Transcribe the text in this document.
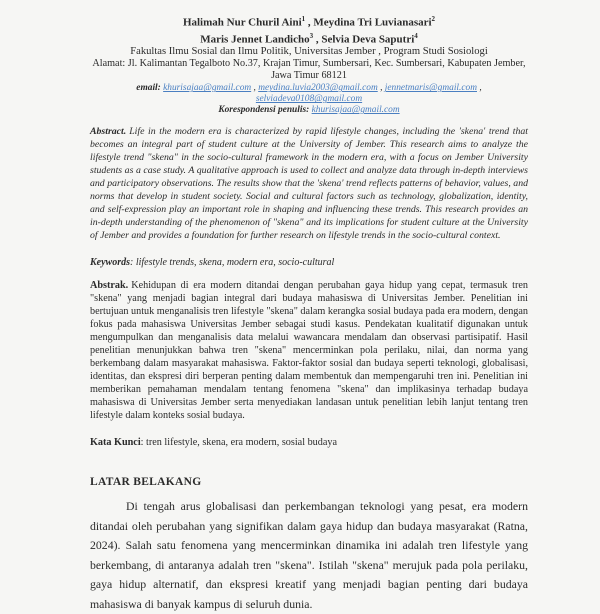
Halimah Nur Churil Aini$^1$ , Meydina Tri Luvianasari$^2$
Maris Jennet Landicho$^3$ , Selvia Deva Saputri$^4$
Fakultas Ilmu Sosial dan Ilmu Politik, Universitas Jember , Program Studi Sosiologi
Alamat: Jl. Kalimantan Tegalboto No.37, Krajan Timur, Sumbersari, Kec. Sumbersari, Kabupaten Jember, Jawa Timur 68121
email: khurisajaa@gmail.com , meydina.luvia2003@gmail.com , jennetmaris@gmail.com , selviadeva0108@gmail.com
Korespondensi penulis: khurisajaa@gmail.com

Abstract. Life in the modern era is characterized by rapid lifestyle changes, including the 'skena' trend that becomes an integral part of student culture at the University of Jember. This research aims to analyze the lifestyle trend "skena" in the socio-cultural framework in the modern era, with a focus on Jember University students as a case study. A qualitative approach is used to collect and analyze data through in-depth interviews and participatory observations. The results show that the 'skena' trend reflects patterns of behavior, values, and norms that develop in student society. Social and cultural factors such as technology, globalization, identity, and self-expression play an important role in shaping and influencing these trends. This research provides an in-depth understanding of the phenomenon of "skena" and its implications for student culture at the University of Jember and provides a foundation for further research on lifestyle trends in the socio-cultural context.

Keywords: lifestyle trends, skena, modern era, socio-cultural

Abstrak. Kehidupan di era modern ditandai dengan perubahan gaya hidup yang cepat, termasuk tren "skena" yang menjadi bagian integral dari budaya mahasiswa di Universitas Jember. Penelitian ini bertujuan untuk menganalisis tren lifestyle "skena" dalam kerangka sosial budaya pada era modern, dengan fokus pada mahasiswa Universitas Jember sebagai studi kasus. Pendekatan kualitatif digunakan untuk mengumpulkan dan menganalisis data melalui wawancara mendalam dan observasi partisipatif. Hasil penelitian menunjukkan bahwa tren "skena" mencerminkan pola perilaku, nilai, dan norma yang berkembang dalam masyarakat mahasiswa. Faktor-faktor sosial dan budaya seperti teknologi, globalisasi, identitas, dan ekspresi diri berperan penting dalam membentuk dan mempengaruhi tren ini. Penelitian ini memberikan pemahaman mendalam tentang fenomena "skena" dan implikasinya terhadap budaya mahasiswa di Universitas Jember serta menyediakan landasan untuk penelitian lebih lanjut tentang tren lifestyle dalam konteks sosial budaya.

Kata Kunci: tren lifestyle, skena, era modern, sosial budaya

LATAR BELAKANG

Di tengah arus globalisasi dan perkembangan teknologi yang pesat, era modern ditandai oleh perubahan yang signifikan dalam gaya hidup dan budaya masyarakat (Ratna, 2024). Salah satu fenomena yang mencerminkan dinamika ini adalah tren lifestyle yang berkembang, di antaranya adalah tren "skena". Istilah "skena" merujuk pada pola perilaku, gaya hidup alternatif, dan ekspresi kreatif yang menjadi bagian penting dari budaya mahasiswa di banyak kampus di seluruh dunia.
